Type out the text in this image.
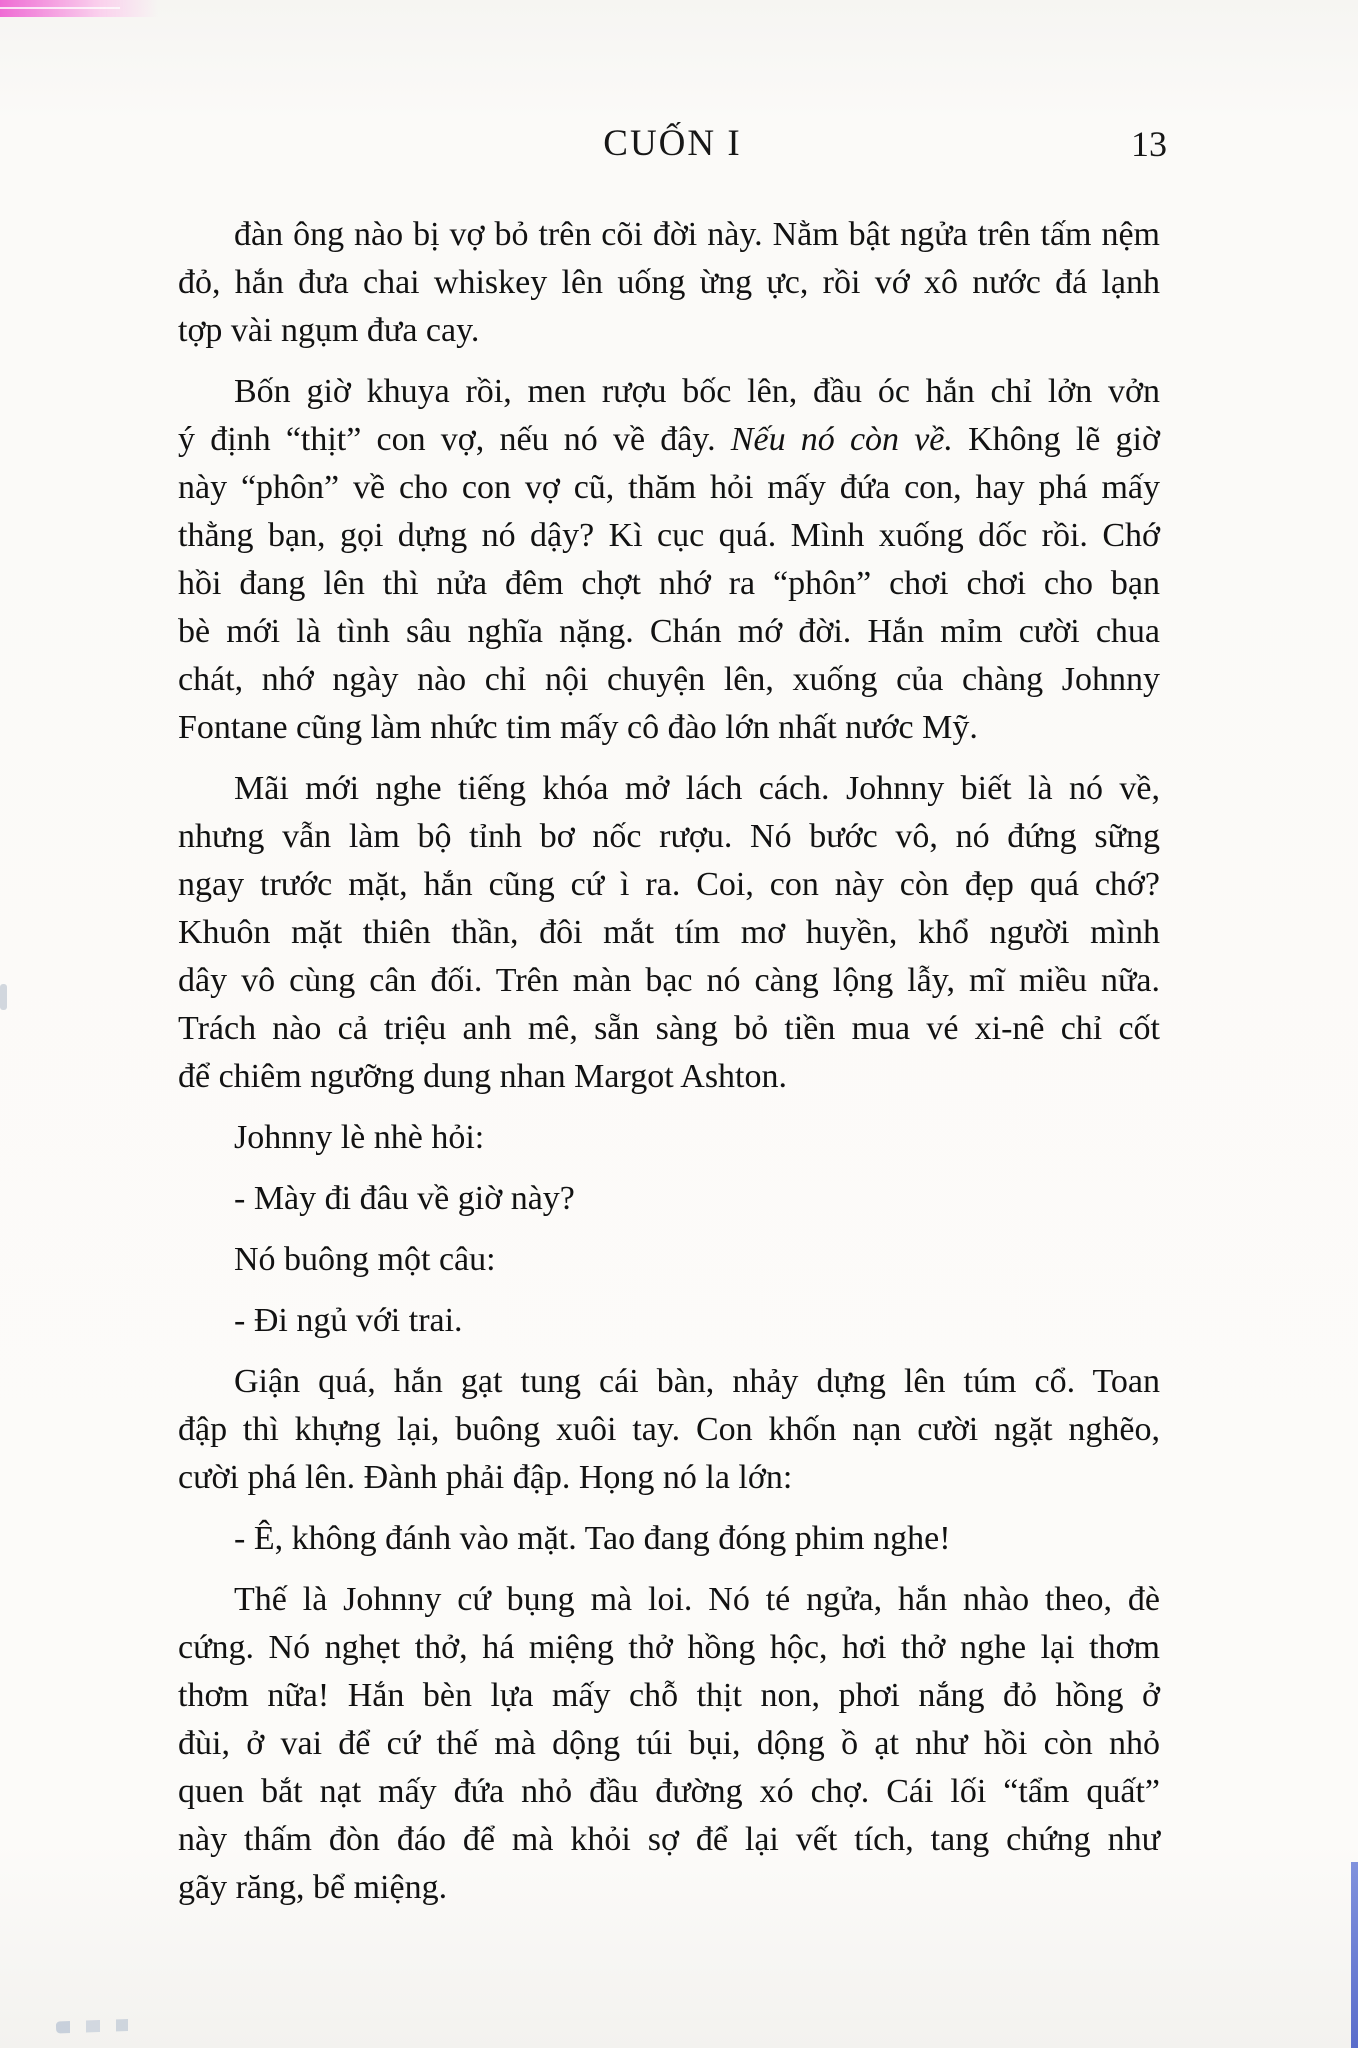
CUỐN I	13
đàn ông nào bị vợ bỏ trên cõi đời này. Nằm bật ngửa trên tấm nệm
đỏ, hắn đưa chai whiskey lên uống ừng ực, rồi vớ xô nước đá lạnh
tợp vài ngụm đưa cay.
Bốn giờ khuya rồi, men rượu bốc lên, đầu óc hắn chỉ lởn vởn
ý định “thịt” con vợ, nếu nó về đây. Nếu nó còn về. Không lẽ giờ
này “phôn” về cho con vợ cũ, thăm hỏi mấy đứa con, hay phá mấy
thằng bạn, gọi dựng nó dậy? Kì cục quá. Mình xuống dốc rồi. Chớ
hồi đang lên thì nửa đêm chợt nhớ ra “phôn” chơi chơi cho bạn
bè mới là tình sâu nghĩa nặng. Chán mớ đời. Hắn mỉm cười chua
chát, nhớ ngày nào chỉ nội chuyện lên, xuống của chàng Johnny
Fontane cũng làm nhức tim mấy cô đào lớn nhất nước Mỹ.
Mãi mới nghe tiếng khóa mở lách cách. Johnny biết là nó về,
nhưng vẫn làm bộ tỉnh bơ nốc rượu. Nó bước vô, nó đứng sững
ngay trước mặt, hắn cũng cứ ì ra. Coi, con này còn đẹp quá chớ?
Khuôn mặt thiên thần, đôi mắt tím mơ huyền, khổ người mình
dây vô cùng cân đối. Trên màn bạc nó càng lộng lẫy, mĩ miều nữa.
Trách nào cả triệu anh mê, sẵn sàng bỏ tiền mua vé xi-nê chỉ cốt
để chiêm ngưỡng dung nhan Margot Ashton.
Johnny lè nhè hỏi:
- Mày đi đâu về giờ này?
Nó buông một câu:
- Đi ngủ với trai.
Giận quá, hắn gạt tung cái bàn, nhảy dựng lên túm cổ. Toan
đập thì khựng lại, buông xuôi tay. Con khốn nạn cười ngặt nghẽo,
cười phá lên. Đành phải đập. Họng nó la lớn:
- Ê, không đánh vào mặt. Tao đang đóng phim nghe!
Thế là Johnny cứ bụng mà loi. Nó té ngửa, hắn nhào theo, đè
cứng. Nó nghẹt thở, há miệng thở hồng hộc, hơi thở nghe lại thơm
thơm nữa! Hắn bèn lựa mấy chỗ thịt non, phơi nắng đỏ hồng ở
đùi, ở vai để cứ thế mà dộng túi bụi, dộng ồ ạt như hồi còn nhỏ
quen bắt nạt mấy đứa nhỏ đầu đường xó chợ. Cái lối “tẩm quất”
này thấm đòn đáo để mà khỏi sợ để lại vết tích, tang chứng như
gãy răng, bể miệng.
